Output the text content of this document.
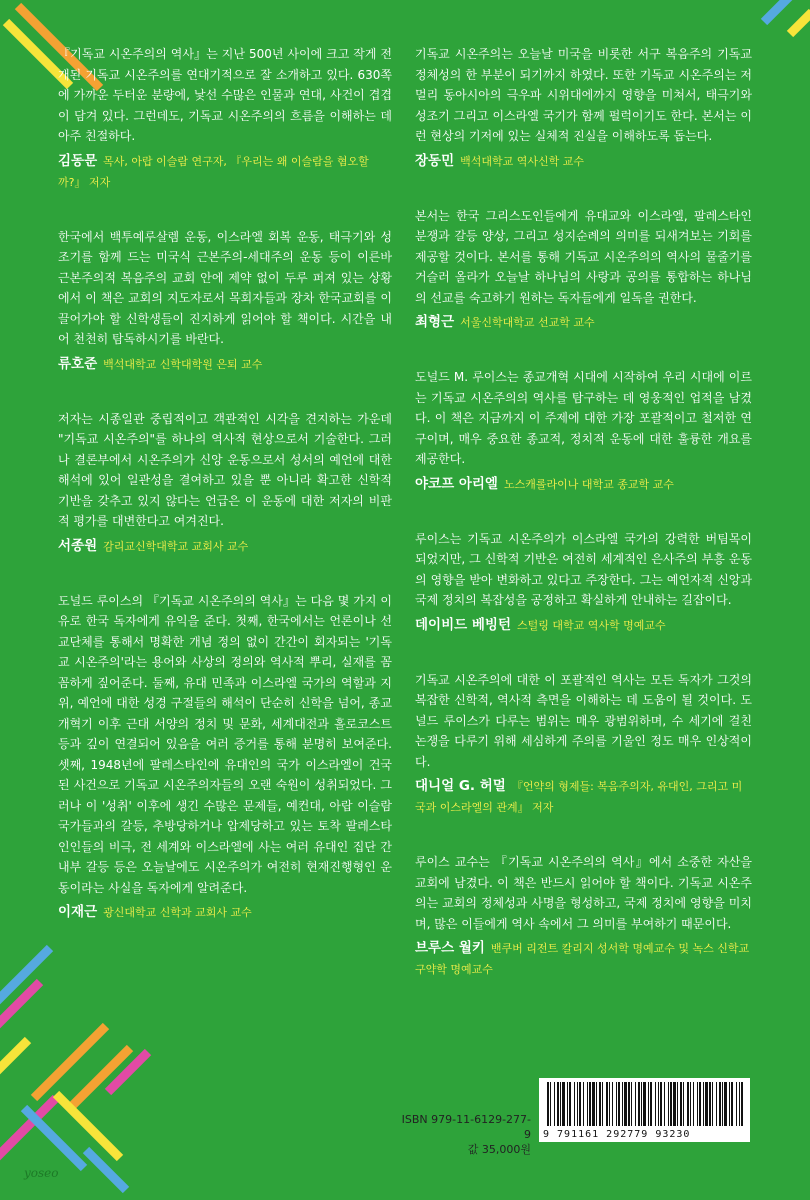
『기독교 시온주의의 역사』는 지난 500년 사이에 크고 작게 전개된 기독교 시온주의를 연대기적으로 잘 소개하고 있다. 630쪽에 가까운 두터운 분량에, 낯선 수많은 인물과 연대, 사건이 겹겹이 담겨 있다. 그런데도, 기독교 시온주의의 흐름을 이해하는 데 아주 친절하다.

김동문 목사, 아랍 이슬람 연구자, 『우리는 왜 이슬람을 혐오할까?』 저자

한국에서 백투예루살렘 운동, 이스라엘 회복 운동, 태극기와 성조기를 함께 드는 미국식 근본주의-세대주의 운동 등이 이른바 근본주의적 복음주의 교회 안에 제약 없이 두루 퍼져 있는 상황에서 이 책은 교회의 지도자로서 목회자들과 장차 한국교회를 이끌어가야 할 신학생들이 진지하게 읽어야 할 책이다. 시간을 내어 천천히 탐독하시기를 바란다.

류호준 백석대학교 신학대학원 은퇴 교수

저자는 시종일관 중립적이고 객관적인 시각을 견지하는 가운데 "기독교 시온주의"를 하나의 역사적 현상으로서 기술한다. 그러나 결론부에서 시온주의가 신앙 운동으로서 성서의 예언에 대한 해석에 있어 일관성을 결여하고 있을 뿐 아니라 확고한 신학적 기반을 갖추고 있지 않다는 언급은 이 운동에 대한 저자의 비판적 평가를 대변한다고 여겨진다.

서종원 감리교신학대학교 교회사 교수

도널드 루이스의 『기독교 시온주의의 역사』는 다음 몇 가지 이유로 한국 독자에게 유익을 준다. 첫째, 한국에서는 언론이나 선교단체를 통해서 명확한 개념 정의 없이 간간이 회자되는 '기독교 시온주의'라는 용어와 사상의 정의와 역사적 뿌리, 실재를 꼼꼼하게 짚어준다. 둘째, 유대 민족과 이스라엘 국가의 역할과 지위, 예언에 대한 성경 구절들의 해석이 단순히 신학을 넘어, 종교개혁기 이후 근대 서양의 정치 및 문화, 세계대전과 홀로코스트 등과 깊이 연결되어 있음을 여러 증거를 통해 분명히 보여준다. 셋째, 1948년에 팔레스타인에 유대인의 국가 이스라엘이 건국된 사건으로 기독교 시온주의자들의 오랜 숙원이 성취되었다. 그러나 이 '성취' 이후에 생긴 수많은 문제들, 예컨대, 아랍 이슬람 국가들과의 갈등, 추방당하거나 압제당하고 있는 토착 팔레스타인인들의 비극, 전 세계와 이스라엘에 사는 여러 유대인 집단 간 내부 갈등 등은 오늘날에도 시온주의가 여전히 현재진행형인 운동이라는 사실을 독자에게 알려준다.

이재근 광신대학교 신학과 교회사 교수

기독교 시온주의는 오늘날 미국을 비롯한 서구 복음주의 기독교 정체성의 한 부분이 되기까지 하였다. 또한 기독교 시온주의는 저 멀리 동아시아의 극우파 시위대에까지 영향을 미쳐서, 태극기와 성조기 그리고 이스라엘 국기가 함께 펄럭이기도 한다. 본서는 이런 현상의 기저에 있는 실체적 진실을 이해하도록 돕는다.

장동민 백석대학교 역사신학 교수

본서는 한국 그리스도인들에게 유대교와 이스라엘, 팔레스타인 분쟁과 갈등 양상, 그리고 성지순례의 의미를 되새겨보는 기회를 제공할 것이다. 본서를 통해 기독교 시온주의의 역사의 물줄기를 거슬러 올라가 오늘날 하나님의 사랑과 공의를 통합하는 하나님의 선교를 숙고하기 원하는 독자들에게 일독을 권한다.

최형근 서울신학대학교 선교학 교수

도널드 M. 루이스는 종교개혁 시대에 시작하여 우리 시대에 이르는 기독교 시온주의의 역사를 탐구하는 데 영웅적인 업적을 남겼다. 이 책은 지금까지 이 주제에 대한 가장 포괄적이고 철저한 연구이며, 매우 중요한 종교적, 정치적 운동에 대한 훌륭한 개요를 제공한다.

야코프 아리엘 노스캐롤라이나 대학교 종교학 교수

루이스는 기독교 시온주의가 이스라엘 국가의 강력한 버팀목이 되었지만, 그 신학적 기반은 여전히 세계적인 은사주의 부흥 운동의 영향을 받아 변화하고 있다고 주장한다. 그는 예언자적 신앙과 국제 정치의 복잡성을 공정하고 확실하게 안내하는 길잡이다.

데이비드 베빙턴 스털링 대학교 역사학 명예교수

기독교 시온주의에 대한 이 포괄적인 역사는 모든 독자가 그것의 복잡한 신학적, 역사적 측면을 이해하는 데 도움이 될 것이다. 도널드 루이스가 다루는 범위는 매우 광범위하며, 수 세기에 걸친 논쟁을 다루기 위해 세심하게 주의를 기울인 정도 매우 인상적이다.

대니얼 G. 허멀 『언약의 형제들: 복음주의자, 유대인, 그리고 미국과 이스라엘의 관계』 저자

루이스 교수는 『기독교 시온주의의 역사』에서 소중한 자산을 교회에 남겼다. 이 책은 반드시 읽어야 할 책이다. 기독교 시온주의는 교회의 정체성과 사명을 형성하고, 국제 정치에 영향을 미치며, 많은 이들에게 역사 속에서 그 의미를 부여하기 때문이다.

브루스 월키 밴쿠버 리전트 칼리지 성서학 명예교수 및 녹스 신학교 구약학 명예교수
ISBN 979-11-6129-277-9
값 35,000원
9 791161 292779 93230
yoseo
